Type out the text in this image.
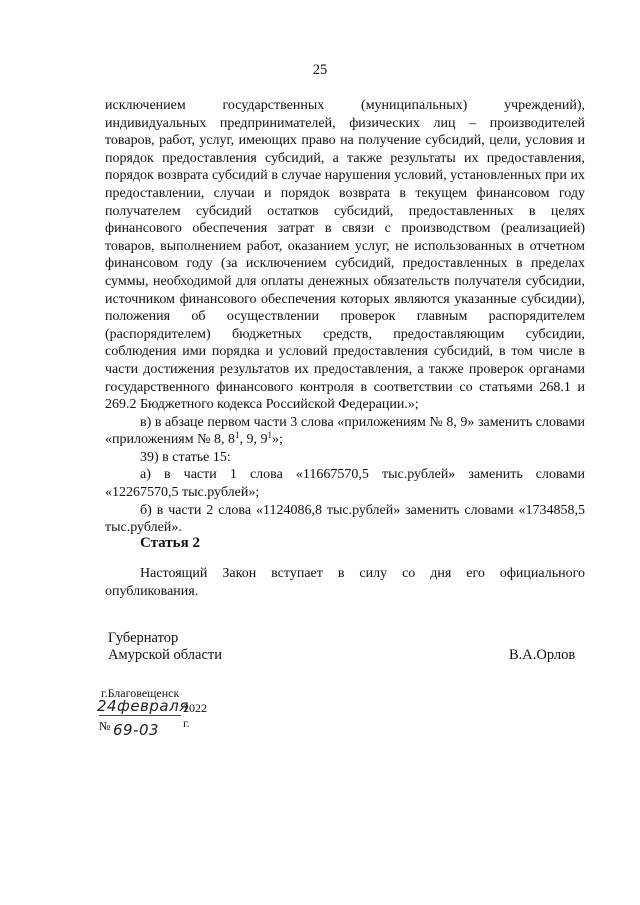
25

исключением государственных (муниципальных) учреждений), индивидуальных предпринимателей, физических лиц – производителей товаров, работ, услуг, имеющих право на получение субсидий, цели, условия и порядок предоставления субсидий, а также результаты их предоставления, порядок возврата субсидий в случае нарушения условий, установленных при их предоставлении, случаи и порядок возврата в текущем финансовом году получателем субсидий остатков субсидий, предоставленных в целях финансового обеспечения затрат в связи с производством (реализацией) товаров, выполнением работ, оказанием услуг, не использованных в отчетном финансовом году (за исключением субсидий, предоставленных в пределах суммы, необходимой для оплаты денежных обязательств получателя субсидии, источником финансового обеспечения которых являются указанные субсидии), положения об осуществлении проверок главным распорядителем (распорядителем) бюджетных средств, предоставляющим субсидии, соблюдения ими порядка и условий предоставления субсидий, в том числе в части достижения результатов их предоставления, а также проверок органами государственного финансового контроля в соответствии со статьями 268.1 и 269.2 Бюджетного кодекса Российской Федерации.»;

в) в абзаце первом части 3 слова «приложениям № 8, 9» заменить словами «приложениям № 8, $8^1$, 9, $9^1$»;

39) в статье 15:

а) в части 1 слова «11667570,5 тыс.рублей» заменить словами «12267570,5 тыс.рублей»;

б) в части 2 слова «1124086,8 тыс.рублей» заменить словами «1734858,5 тыс.рублей».

Статья 2

Настоящий Закон вступает в силу со дня его официального опубликования.

Губернатор
Амурской области	В.А.Орлов
г.Благовещенск
24 февраля
2022 г.
№ 69-03
